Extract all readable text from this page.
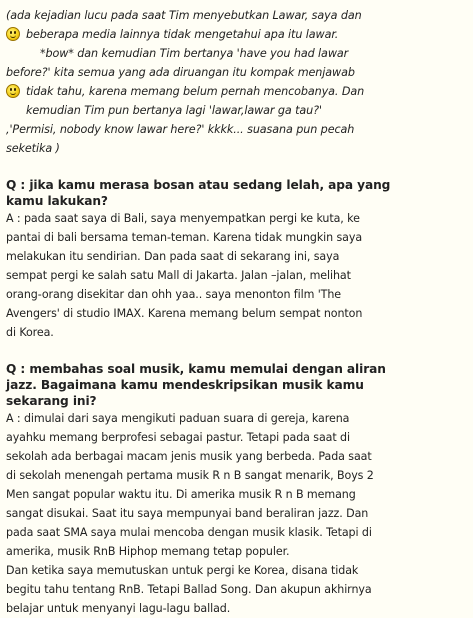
(ada kejadian lucu pada saat Tim menyebutkan Lawar, saya dan
beberapa media lainnya tidak mengetahui apa itu lawar.
*bow* dan kemudian Tim bertanya 'have you had lawar
before?' kita semua yang ada diruangan itu kompak menjawab
tidak tahu, karena memang belum pernah mencobanya. Dan
kemudian Tim pun bertanya lagi 'lawar,lawar ga tau?'
,'Permisi, nobody know lawar here?' kkkk... suasana pun pecah
seketika )
Q : jika kamu merasa bosan atau sedang lelah, apa yang
kamu lakukan?
A : pada saat saya di Bali, saya menyempatkan pergi ke kuta, ke
pantai di bali bersama teman-teman. Karena tidak mungkin saya
melakukan itu sendirian. Dan pada saat di sekarang ini, saya
sempat pergi ke salah satu Mall di Jakarta. Jalan –jalan, melihat
orang-orang disekitar dan ohh yaa.. saya menonton film 'The
Avengers' di studio IMAX. Karena memang belum sempat nonton
di Korea.
Q : membahas soal musik, kamu memulai dengan aliran
jazz. Bagaimana kamu mendeskripsikan musik kamu
sekarang ini?
A : dimulai dari saya mengikuti paduan suara di gereja, karena
ayahku memang berprofesi sebagai pastur. Tetapi pada saat di
sekolah ada berbagai macam jenis musik yang berbeda. Pada saat
di sekolah menengah pertama musik R n B sangat menarik, Boys 2
Men sangat popular waktu itu. Di amerika musik R n B memang
sangat disukai. Saat itu saya mempunyai band beraliran jazz. Dan
pada saat SMA saya mulai mencoba dengan musik klasik. Tetapi di
amerika, musik RnB Hiphop memang tetap populer.
Dan ketika saya memutuskan untuk pergi ke Korea, disana tidak
begitu tahu tentang RnB. Tetapi Ballad Song. Dan akupun akhirnya
belajar untuk menyanyi lagu-lagu ballad.
